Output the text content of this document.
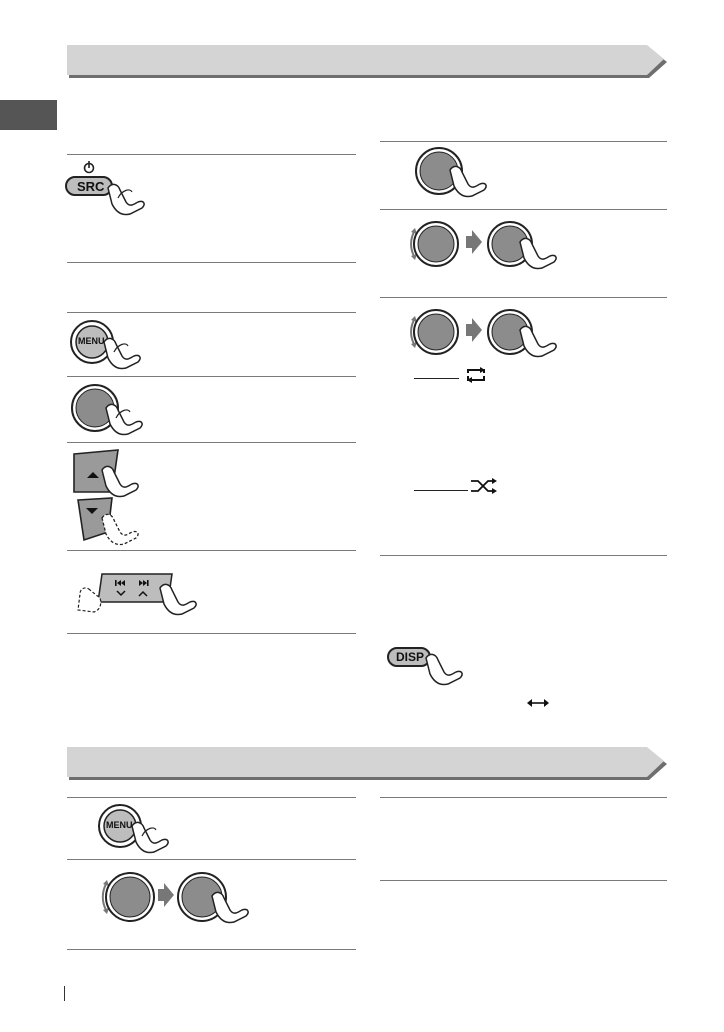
SRC
MENU
DISP
MENU
